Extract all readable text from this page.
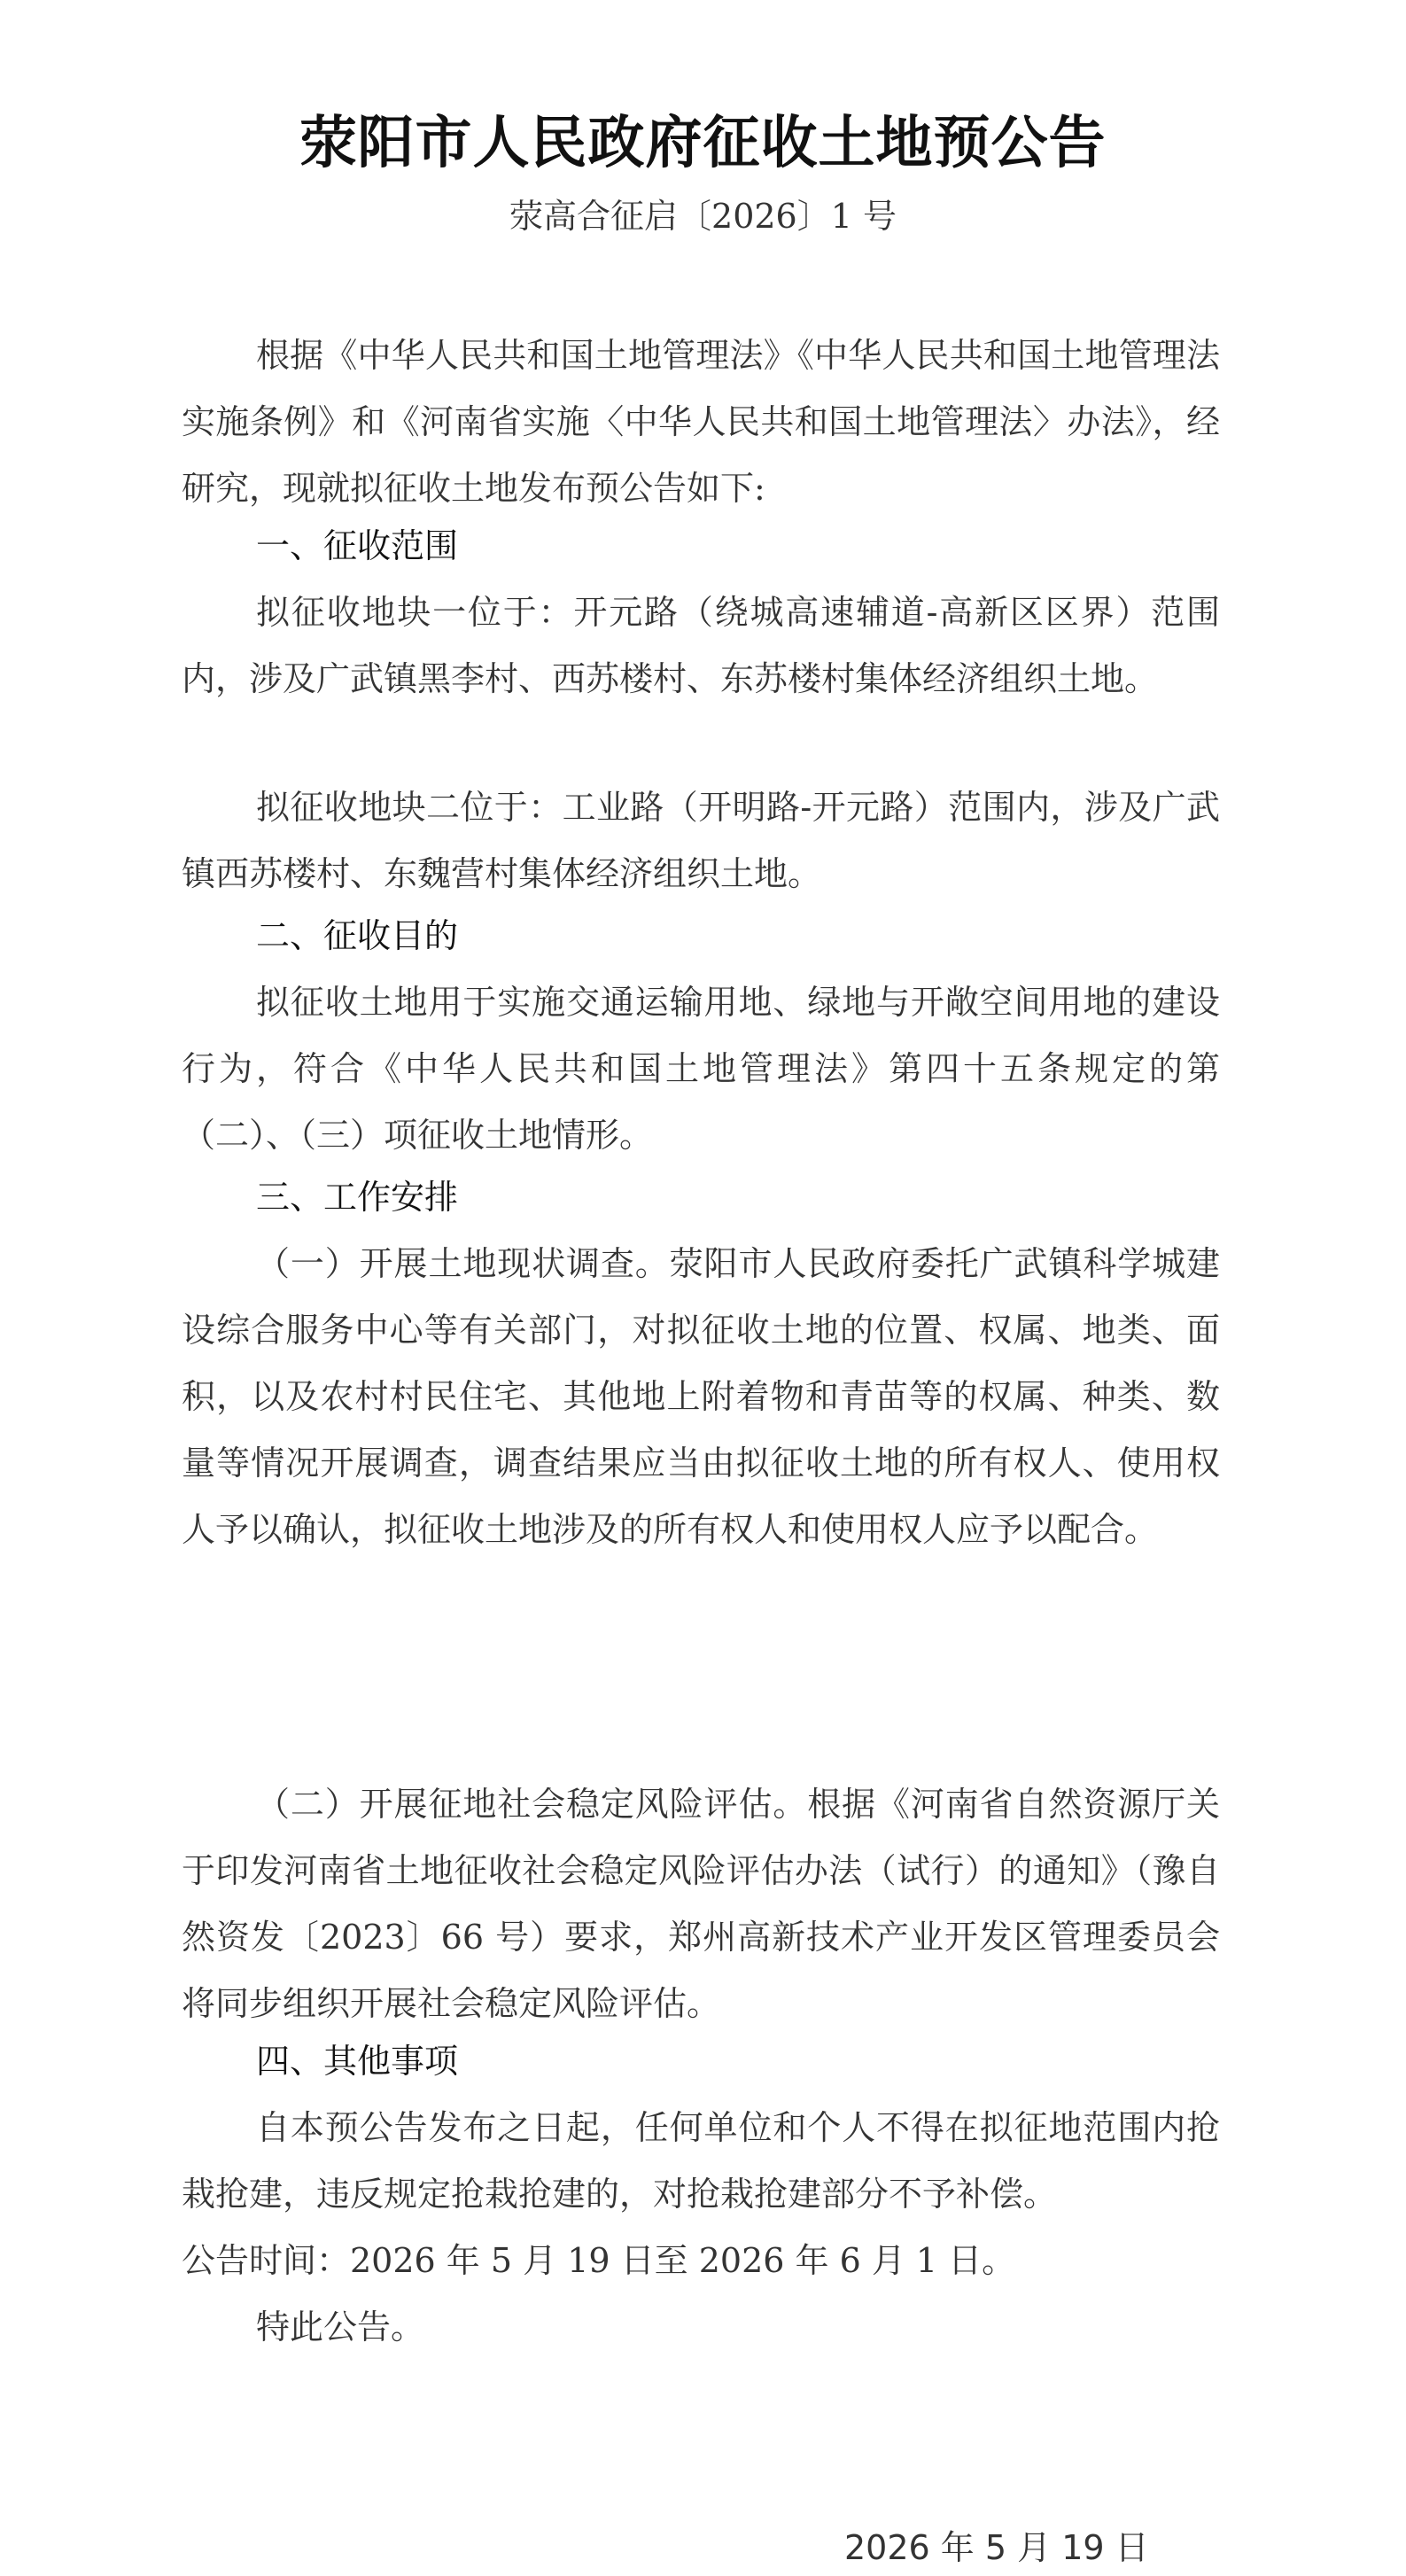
荥阳市人民政府征收土地预公告
荥高合征启〔2026〕1 号

根据《中华人民共和国土地管理法》《中华人民共和国土地管理法实施条例》和《河南省实施〈中华人民共和国土地管理法〉办法》，经研究，现就拟征收土地发布预公告如下:

一、征收范围

拟征收地块一位于：开元路（绕城高速辅道-高新区区界）范围内，涉及广武镇黑李村、西苏楼村、东苏楼村集体经济组织土地。

拟征收地块二位于：工业路（开明路-开元路）范围内，涉及广武镇西苏楼村、东魏营村集体经济组织土地。

二、征收目的

拟征收土地用于实施交通运输用地、绿地与开敞空间用地的建设行为，符合《中华人民共和国土地管理法》第四十五条规定的第（二）、（三）项征收土地情形。

三、工作安排

（一）开展土地现状调查。荥阳市人民政府委托广武镇科学城建设综合服务中心等有关部门，对拟征收土地的位置、权属、地类、面积，以及农村村民住宅、其他地上附着物和青苗等的权属、种类、数量等情况开展调查，调查结果应当由拟征收土地的所有权人、使用权人予以确认，拟征收土地涉及的所有权人和使用权人应予以配合。

（二）开展征地社会稳定风险评估。根据《河南省自然资源厅关于印发河南省土地征收社会稳定风险评估办法（试行）的通知》（豫自然资发〔2023〕66 号）要求，郑州高新技术产业开发区管理委员会将同步组织开展社会稳定风险评估。

四、其他事项

自本预公告发布之日起，任何单位和个人不得在拟征地范围内抢栽抢建，违反规定抢栽抢建的，对抢栽抢建部分不予补偿。

公告时间：2026 年 5 月 19 日至 2026 年 6 月 1 日。

特此公告。

2026 年 5 月 19 日
